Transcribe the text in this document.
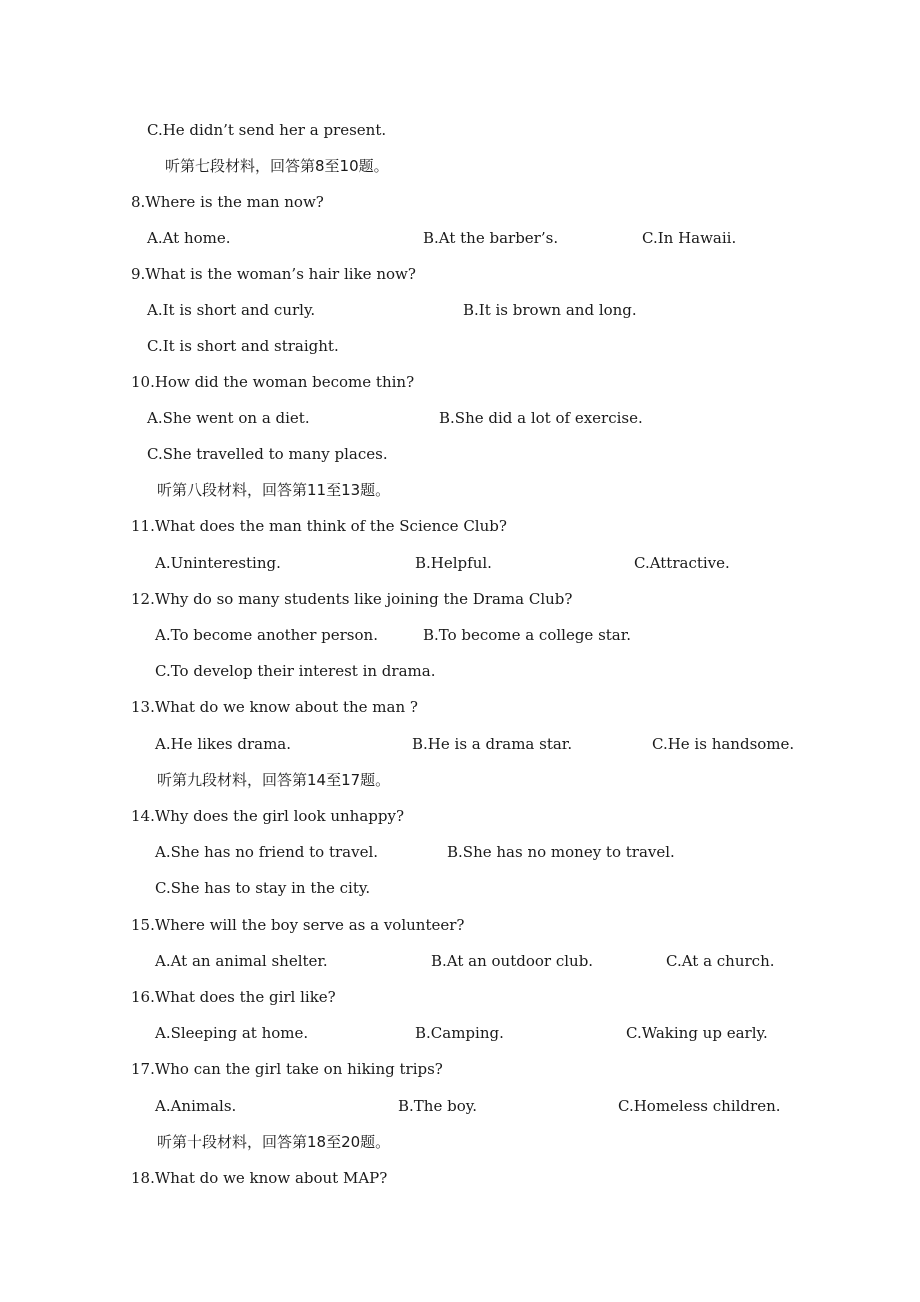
C.He didn’t send her a present.
听第七段材料，回答第8至10题。
8.Where is the man now?
A.At home.	B.At the barber’s.	C.In Hawaii.
9.What is the woman’s hair like now?
A.It is short and curly.	B.It is brown and long.
C.It is short and straight.
10.How did the woman become thin?
A.She went on a diet.	B.She did a lot of exercise.
C.She travelled to many places.
听第八段材料，回答第11至13题。
11.What does the man think of the Science Club?
A.Uninteresting.	B.Helpful.	C.Attractive.
12.Why do so many students like joining the Drama Club?
A.To become another person.	B.To become a college star.
C.To develop their interest in drama.
13.What do we know about the man ?
A.He likes drama.	B.He is a drama star.	C.He is handsome.
听第九段材料，回答第14至17题。
14.Why does the girl look unhappy?
A.She has no friend to travel.	B.She has no money to travel.
C.She has to stay in the city.
15.Where will the boy serve as a volunteer?
A.At an animal shelter.	B.At an outdoor club.	C.At a church.
16.What does the girl like?
A.Sleeping at home.	B.Camping.	C.Waking up early.
17.Who can the girl take on hiking trips?
A.Animals.	B.The boy.	C.Homeless children.
听第十段材料，回答第18至20题。
18.What do we know about MAP?
